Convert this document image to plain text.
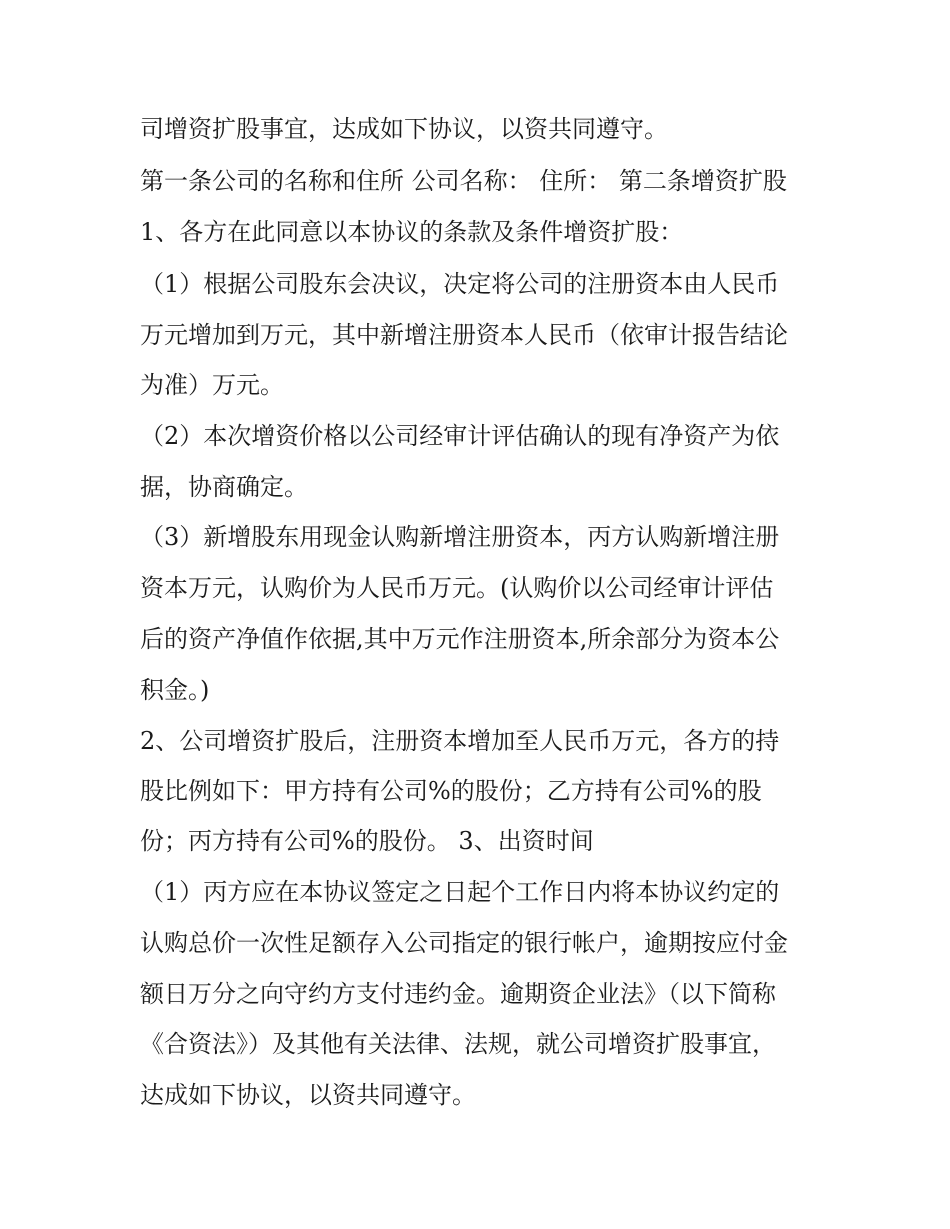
司增资扩股事宜，达成如下协议，以资共同遵守。
第一条公司的名称和住所 公司名称： 住所： 第二条增资扩股
1、各方在此同意以本协议的条款及条件增资扩股：
（1）根据公司股东会决议，决定将公司的注册资本由人民币
万元增加到万元，其中新增注册资本人民币（依审计报告结论
为准）万元。
（2）本次增资价格以公司经审计评估确认的现有净资产为依
据，协商确定。
（3）新增股东用现金认购新增注册资本，丙方认购新增注册
资本万元，认购价为人民币万元。(认购价以公司经审计评估
后的资产净值作依据,其中万元作注册资本,所余部分为资本公
积金。)
2、公司增资扩股后，注册资本增加至人民币万元，各方的持
股比例如下：甲方持有公司%的股份；乙方持有公司%的股
份；丙方持有公司%的股份。 3、出资时间
（1）丙方应在本协议签定之日起个工作日内将本协议约定的
认购总价一次性足额存入公司指定的银行帐户，逾期按应付金
额日万分之向守约方支付违约金。逾期资企业法》（以下简称
《合资法》）及其他有关法律、法规，就公司增资扩股事宜，
达成如下协议，以资共同遵守。
